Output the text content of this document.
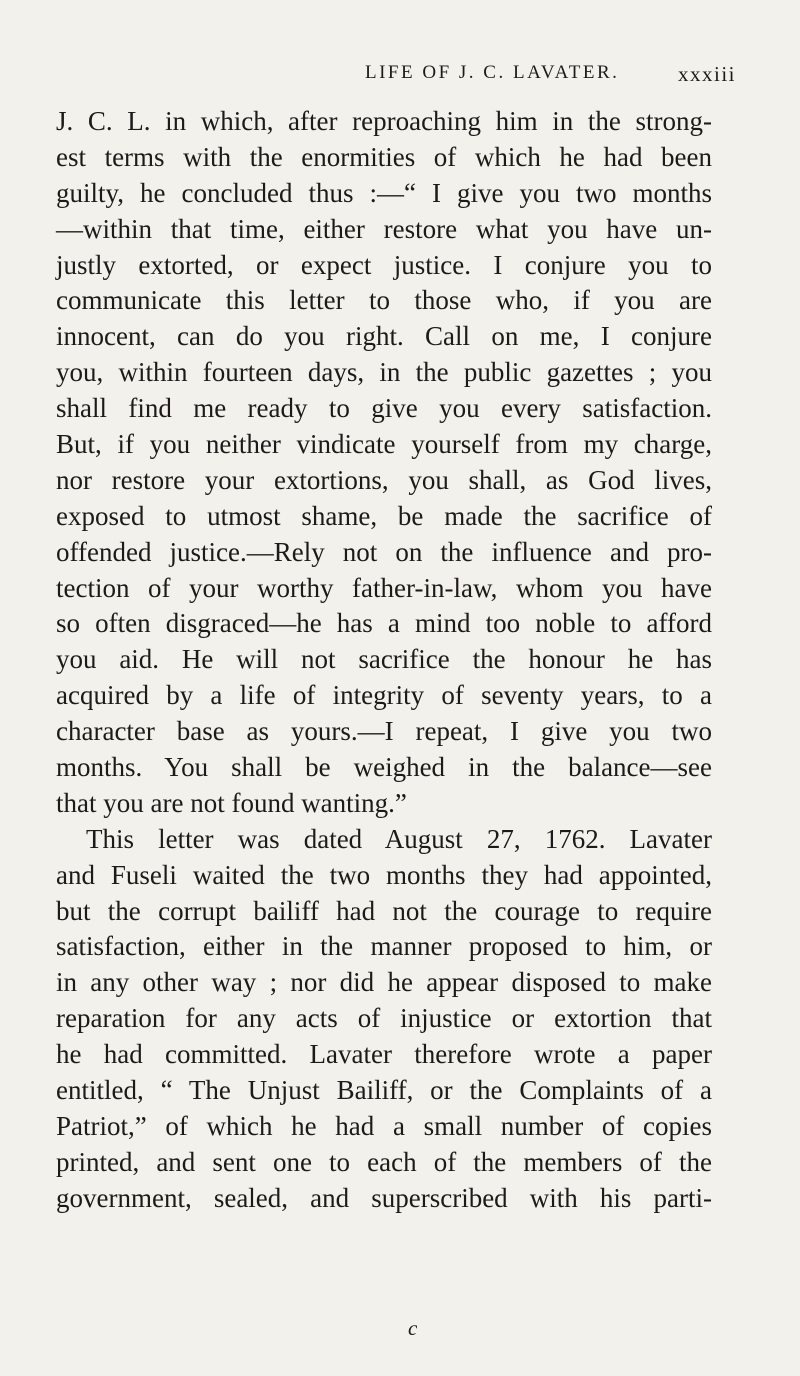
LIFE OF J. C. LAVATER.	xxxiii
J. C. L. in which, after reproaching him in the strong-
est terms with the enormities of which he had been
guilty, he concluded thus :—“ I give you two months
—within that time, either restore what you have un-
justly extorted, or expect justice. I conjure you to
communicate this letter to those who, if you are
innocent, can do you right. Call on me, I conjure
you, within fourteen days, in the public gazettes ; you
shall find me ready to give you every satisfaction.
But, if you neither vindicate yourself from my charge,
nor restore your extortions, you shall, as God lives,
exposed to utmost shame, be made the sacrifice of
offended justice.—Rely not on the influence and pro-
tection of your worthy father-in-law, whom you have
so often disgraced—he has a mind too noble to afford
you aid. He will not sacrifice the honour he has
acquired by a life of integrity of seventy years, to a
character base as yours.—I repeat, I give you two
months. You shall be weighed in the balance—see
that you are not found wanting.”
This letter was dated August 27, 1762. Lavater
and Fuseli waited the two months they had appointed,
but the corrupt bailiff had not the courage to require
satisfaction, either in the manner proposed to him, or
in any other way ; nor did he appear disposed to make
reparation for any acts of injustice or extortion that
he had committed. Lavater therefore wrote a paper
entitled, “ The Unjust Bailiff, or the Complaints of a
Patriot,” of which he had a small number of copies
printed, and sent one to each of the members of the
government, sealed, and superscribed with his parti-
c
